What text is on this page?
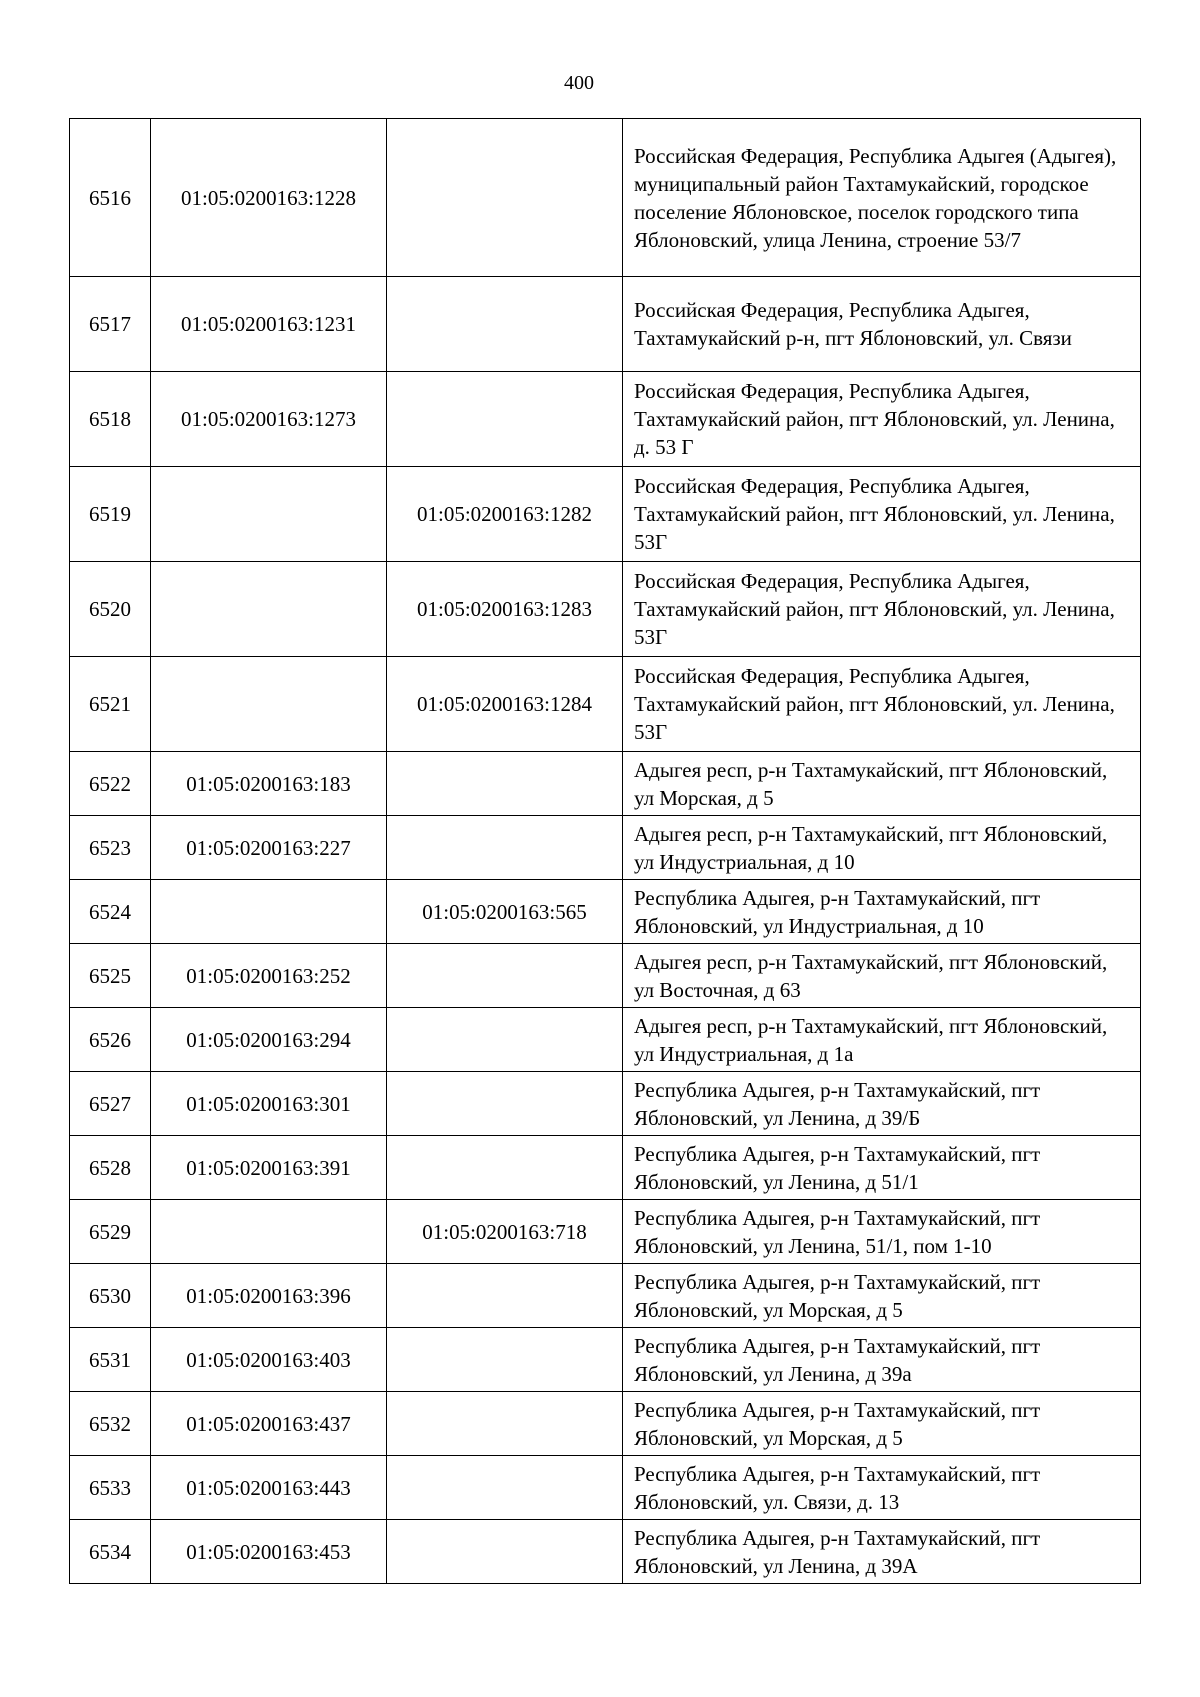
400
6516	01:05:0200163:1228		Российская Федерация, Республика Адыгея (Адыгея), муниципальный район Тахтамукайский, городское поселение Яблоновское, поселок городского типа Яблоновский, улица Ленина, строение 53/7
6517	01:05:0200163:1231		Российская Федерация, Республика Адыгея, Тахтамукайский р-н, пгт Яблоновский, ул. Связи
6518	01:05:0200163:1273		Российская Федерация, Республика Адыгея, Тахтамукайский район, пгт Яблоновский, ул. Ленина, д. 53 Г
6519		01:05:0200163:1282	Российская Федерация, Республика Адыгея, Тахтамукайский район, пгт Яблоновский, ул. Ленина, 53Г
6520		01:05:0200163:1283	Российская Федерация, Республика Адыгея, Тахтамукайский район, пгт Яблоновский, ул. Ленина, 53Г
6521		01:05:0200163:1284	Российская Федерация, Республика Адыгея, Тахтамукайский район, пгт Яблоновский, ул. Ленина, 53Г
6522	01:05:0200163:183		Адыгея респ, р-н Тахтамукайский, пгт Яблоновский, ул Морская, д 5
6523	01:05:0200163:227		Адыгея респ, р-н Тахтамукайский, пгт Яблоновский, ул Индустриальная, д 10
6524		01:05:0200163:565	Республика Адыгея, р-н Тахтамукайский, пгт Яблоновский, ул Индустриальная, д 10
6525	01:05:0200163:252		Адыгея респ, р-н Тахтамукайский, пгт Яблоновский, ул Восточная, д 63
6526	01:05:0200163:294		Адыгея респ, р-н Тахтамукайский, пгт Яблоновский, ул Индустриальная, д 1а
6527	01:05:0200163:301		Республика Адыгея, р-н Тахтамукайский, пгт Яблоновский, ул Ленина, д 39/Б
6528	01:05:0200163:391		Республика Адыгея, р-н Тахтамукайский, пгт Яблоновский, ул Ленина, д 51/1
6529		01:05:0200163:718	Республика Адыгея, р-н Тахтамукайский, пгт Яблоновский, ул Ленина, 51/1, пом 1-10
6530	01:05:0200163:396		Республика Адыгея, р-н Тахтамукайский, пгт Яблоновский, ул Морская, д 5
6531	01:05:0200163:403		Республика Адыгея, р-н Тахтамукайский, пгт Яблоновский, ул Ленина, д 39а
6532	01:05:0200163:437		Республика Адыгея, р-н Тахтамукайский, пгт Яблоновский, ул Морская, д 5
6533	01:05:0200163:443		Республика Адыгея, р-н Тахтамукайский, пгт Яблоновский, ул. Связи, д. 13
6534	01:05:0200163:453		Республика Адыгея, р-н Тахтамукайский, пгт Яблоновский, ул Ленина, д 39А
